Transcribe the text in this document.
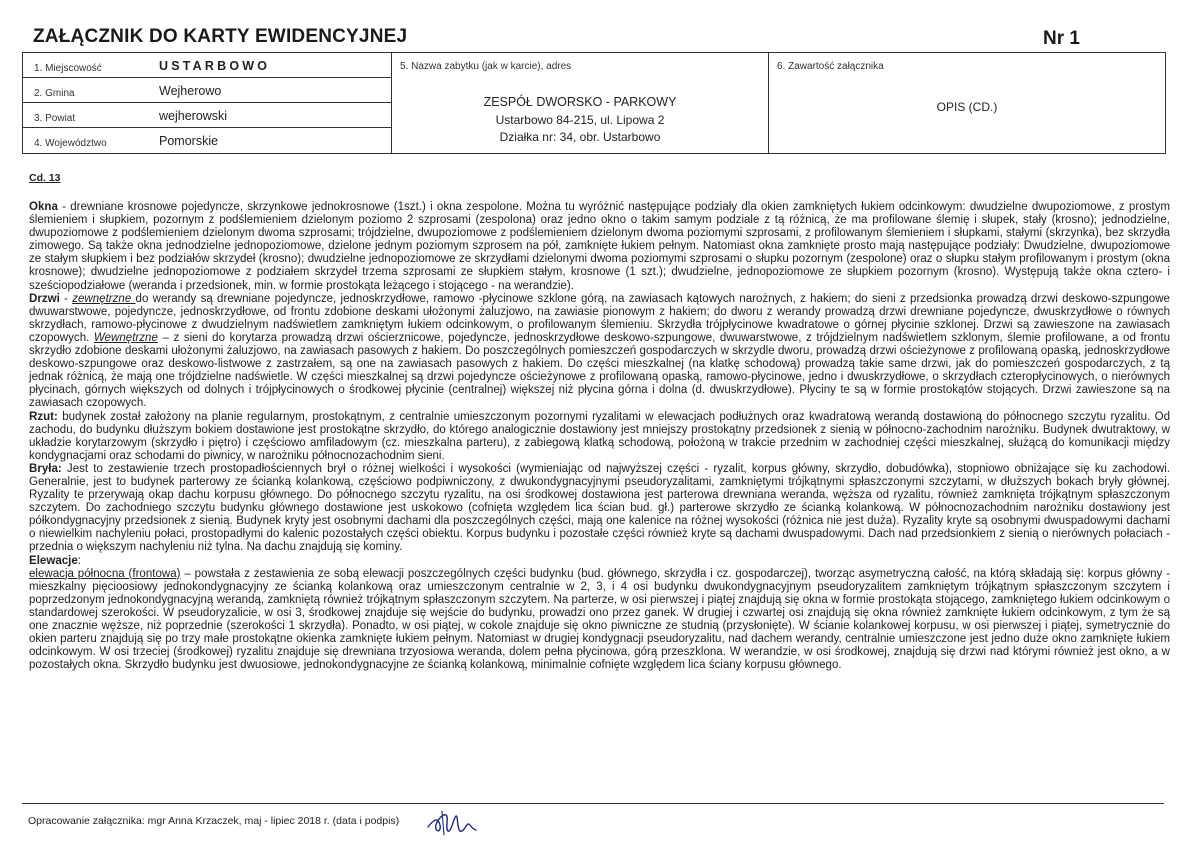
ZAŁĄCZNIK DO KARTY EWIDENCYJNEJ	Nr 1
1. Miejscowość	USTARBOWO
2. Gmina	Wejherowo
3. Powiat	wejherowski
4. Województwo	Pomorskie
5. Nazwa zabytku (jak w karcie), adres
ZESPÓŁ DWORSKO - PARKOWY
Ustarbowo 84-215, ul. Lipowa 2
Działka nr: 34, obr. Ustarbowo
6. Zawartość załącznika
OPIS (CD.)
Cd. 13

Okna - drewniane krosnowe pojedyncze, skrzynkowe jednokrosnowe (1szt.) i okna zespolone. Można tu wyróżnić następujące podziały dla okien zamkniętych łukiem odcinkowym: dwudzielne dwupoziomowe, z prostym ślemieniem i słupkiem, pozornym z podślemieniem dzielonym poziomo 2 szprosami (zespolona) oraz jedno okno o takim samym podziale z tą różnicą, że ma profilowane ślemię i słupek, stały (krosno); jednodzielne, dwupoziomowe z podślemieniem dzielonym dwoma szprosami; trójdzielne, dwupoziomowe z podślemieniem dzielonym dwoma poziomymi szprosami, z profilowanym ślemieniem i słupkami, stałymi (skrzynka), bez skrzydła zimowego. Są także okna jednodzielne jednopoziomowe, dzielone jednym poziomym szprosem na pół, zamknięte łukiem pełnym. Natomiast okna zamknięte prosto mają następujące podziały: Dwudzielne, dwupoziomowe ze stałym słupkiem i bez podziałów skrzydeł (krosno); dwudzielne jednopoziomowe ze skrzydłami dzielonymi dwoma poziomymi szprosami o słupku pozornym (zespolone) oraz o słupku stałym profilowanym i prostym (okna krosnowe); dwudzielne jednopoziomowe z podziałem skrzydeł trzema szprosami ze słupkiem stałym, krosnowe (1 szt.); dwudzielne, jednopoziomowe ze słupkiem pozornym (krosno). Występują także okna cztero- i sześciopodziałowe (weranda i przedsionek, min. w formie prostokąta leżącego i stojącego - na werandzie).

Drzwi - zewnętrzne do werandy są drewniane pojedyncze, jednoskrzydłowe, ramowo -płycinowe szklone górą, na zawiasach kątowych narożnych, z hakiem; do sieni z przedsionka prowadzą drzwi deskowo-szpungowe dwuwarstwowe, pojedyncze, jednoskrzydłowe, od frontu zdobione deskami ułożonymi żaluzjowo, na zawiasie pionowym z hakiem; do dworu z werandy prowadzą drzwi drewniane pojedyncze, dwuskrzydłowe o równych skrzydłach, ramowo-płycinowe z dwudzielnym nadświetlem zamkniętym łukiem odcinkowym, o profilowanym ślemieniu. Skrzydła trójpłycinowe kwadratowe o górnej płycinie szklonej. Drzwi są zawieszone na zawiasach czopowych. Wewnętrzne – z sieni do korytarza prowadzą drzwi ościerznicowe, pojedyncze, jednoskrzydłowe deskowo-szpungowe, dwuwarstwowe, z trójdzielnym nadświetlem szklonym, ślemie profilowane, a od frontu skrzydło zdobione deskami ułożonymi żaluzjowo, na zawiasach pasowych z hakiem. Do poszczególnych pomieszczeń gospodarczych w skrzydle dworu, prowadzą drzwi ościeżynowe z profilowaną opaską, jednoskrzydłowe deskowo-szpungowe oraz deskowo-listwowe z zastrzałem, są one na zawiasach pasowych z hakiem. Do części mieszkalnej (na klatkę schodową) prowadzą takie same drzwi, jak do pomieszczeń gospodarczych, z tą jednak różnicą, że mają one trójdzielne nadświetle. W części mieszkalnej są drzwi pojedyncze ościeżynowe z profilowaną opaską, ramowo-płycinowe, jedno i dwuskrzydłowe, o skrzydłach czteropłycinowych, o nierównych płycinach, górnych większych od dolnych i trójpłycinowych o środkowej płycinie (centralnej) większej niż płycina górna i dolna (d. dwuskrzydłowe). Płyciny te są w formie prostokątów stojących. Drzwi zawieszone są na zawiasach czopowych.

Rzut: budynek został założony na planie regularnym, prostokątnym, z centralnie umieszczonym pozornymi ryzalitami w elewacjach podłużnych oraz kwadratową werandą dostawioną do północnego szczytu ryzalitu. Od zachodu, do budynku dłuższym bokiem dostawione jest prostokątne skrzydło, do którego analogicznie dostawiony jest mniejszy prostokątny przedsionek z sienią w północno-zachodnim narożniku. Budynek dwutraktowy, w układzie korytarzowym (skrzydło i piętro) i częściowo amfiladowym (cz. mieszkalna parteru), z zabiegową klatką schodową, położoną w trakcie przednim w zachodniej części mieszkalnej, służącą do komunikacji między kondygnacjami oraz schodami do piwnicy, w narożniku północnozachodnim sieni.

Bryła: Jest to zestawienie trzech prostopadłościennych brył o różnej wielkości i wysokości (wymieniając od najwyższej części - ryzalit, korpus główny, skrzydło, dobudówka), stopniowo obniżające się ku zachodowi. Generalnie, jest to budynek parterowy ze ścianką kolankową, częściowo podpiwniczony, z dwukondygnacyjnymi pseudoryzalitami, zamkniętymi trójkątnymi spłaszczonymi szczytami, w dłuższych bokach bryły głównej. Ryzality te przerywają okap dachu korpusu głównego. Do północnego szczytu ryzalitu, na osi środkowej dostawiona jest parterowa drewniana weranda, węższa od ryzalitu, również zamknięta trójkątnym spłaszczonym szczytem. Do zachodniego szczytu budynku głównego dostawione jest uskokowo (cofnięta względem lica ścian bud. gł.) parterowe skrzydło ze ścianką kolankową. W północnozachodnim narożniku dostawiony jest półkondygnacyjny przedsionek z sienią. Budynek kryty jest osobnymi dachami dla poszczególnych części, mają one kalenice na różnej wysokości (różnica nie jest duża). Ryzality kryte są osobnymi dwuspadowymi dachami o niewielkim nachyleniu połaci, prostopadłymi do kalenic pozostałych części obiektu. Korpus budynku i pozostałe części również kryte są dachami dwuspadowymi. Dach nad przedsionkiem z sienią o nierównych połaciach - przednia o większym nachyleniu niż tylna. Na dachu znajdują się kominy.

Elewacje:

elewacja północna (frontowa) – powstała z zestawienia ze sobą elewacji poszczególnych części budynku (bud. głównego, skrzydła i cz. gospodarczej), tworząc asymetryczną całość, na którą składają się: korpus główny - mieszkalny pięcioosiowy jednokondygnacyjny ze ścianką kolankową oraz umieszczonym centralnie w 2, 3, i 4 osi budynku dwukondygnacyjnym pseudoryzalitem zamkniętym trójkątnym spłaszczonym szczytem i poprzedzonym jednokondygnacyjną werandą, zamkniętą również trójkątnym spłaszczonym szczytem. Na parterze, w osi pierwszej i piątej znajdują się okna w formie prostokąta stojącego, zamkniętego łukiem odcinkowym o standardowej szerokości. W pseudoryzalicie, w osi 3, środkowej znajduje się wejście do budynku, prowadzi ono przez ganek. W drugiej i czwartej osi znajdują się okna również zamknięte łukiem odcinkowym, z tym że są one znacznie węższe, niż poprzednie (szerokości 1 skrzydła). Ponadto, w osi piątej, w cokole znajduje się okno piwniczne ze studnią (przysłonięte). W ścianie kolankowej korpusu, w osi pierwszej i piątej, symetrycznie do okien parteru znajdują się po trzy małe prostokątne okienka zamknięte łukiem pełnym. Natomiast w drugiej kondygnacji pseudoryzalitu, nad dachem werandy, centralnie umieszczone jest jedno duże okno zamknięte łukiem odcinkowym. W osi trzeciej (środkowej) ryzalitu znajduje się drewniana trzyosiowa weranda, dolem pełna płycinowa, górą przeszklona. W werandzie, w osi środkowej, znajdują się drzwi nad którymi również jest okno, a w pozostałych okna. Skrzydło budynku jest dwuosiowe, jednokondygnacyjne ze ścianką kolankową, minimalnie cofnięte względem lica ściany korpusu głównego.

Opracowanie załącznika: mgr Anna Krzaczek, maj - lipiec 2018 r. (data i podpis)
